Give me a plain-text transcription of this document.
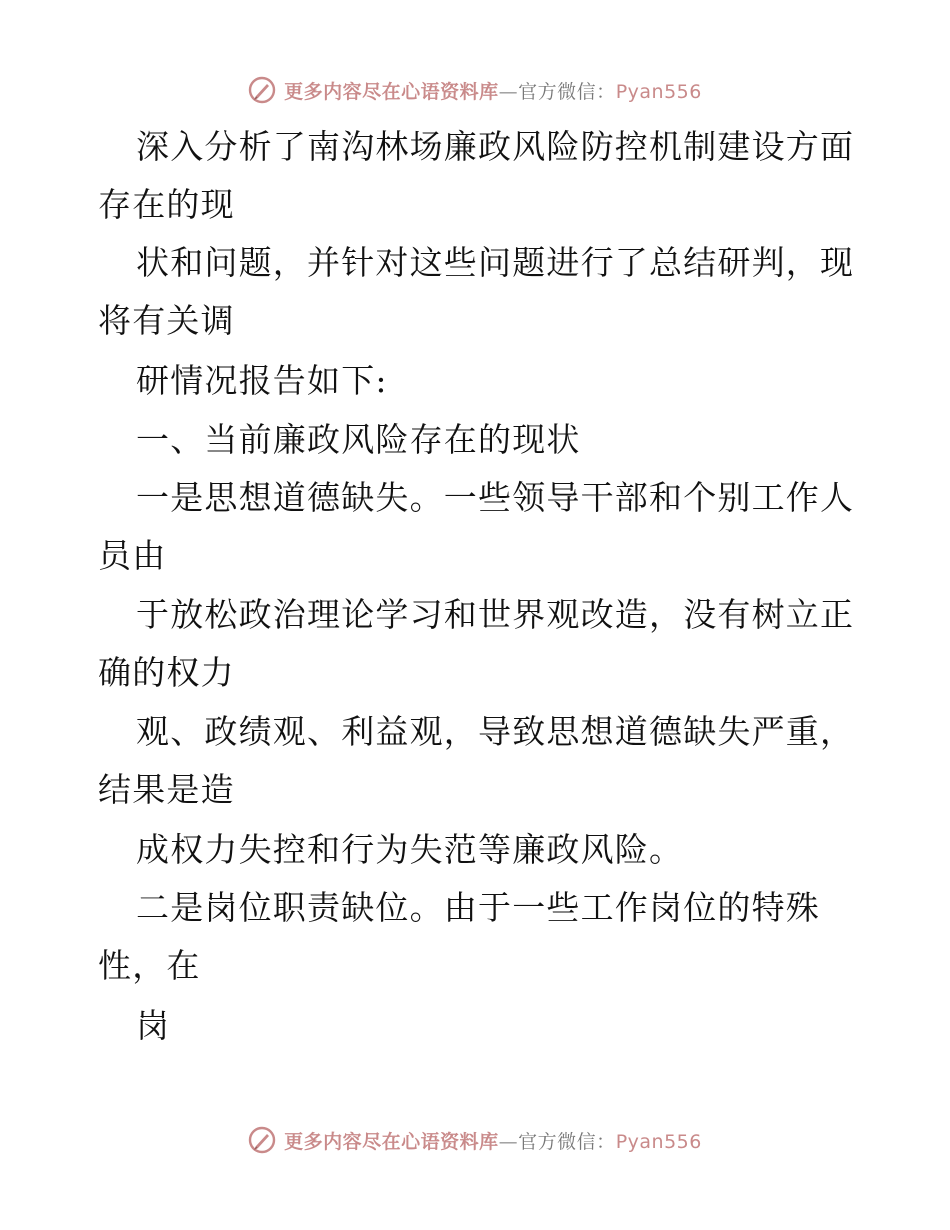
更多内容尽在心语资料库—官方微信：Pyan556
深入分析了南沟林场廉政风险防控机制建设方面
存在的现
状和问题，并针对这些问题进行了总结研判，现
将有关调
研情况报告如下:
一、当前廉政风险存在的现状
一是思想道德缺失。一些领导干部和个别工作人
员由
于放松政治理论学习和世界观改造，没有树立正
确的权力
观、政绩观、利益观，导致思想道德缺失严重，
结果是造
成权力失控和行为失范等廉政风险。
二是岗位职责缺位。由于一些工作岗位的特殊
性，在
岗
更多内容尽在心语资料库—官方微信：Pyan556
